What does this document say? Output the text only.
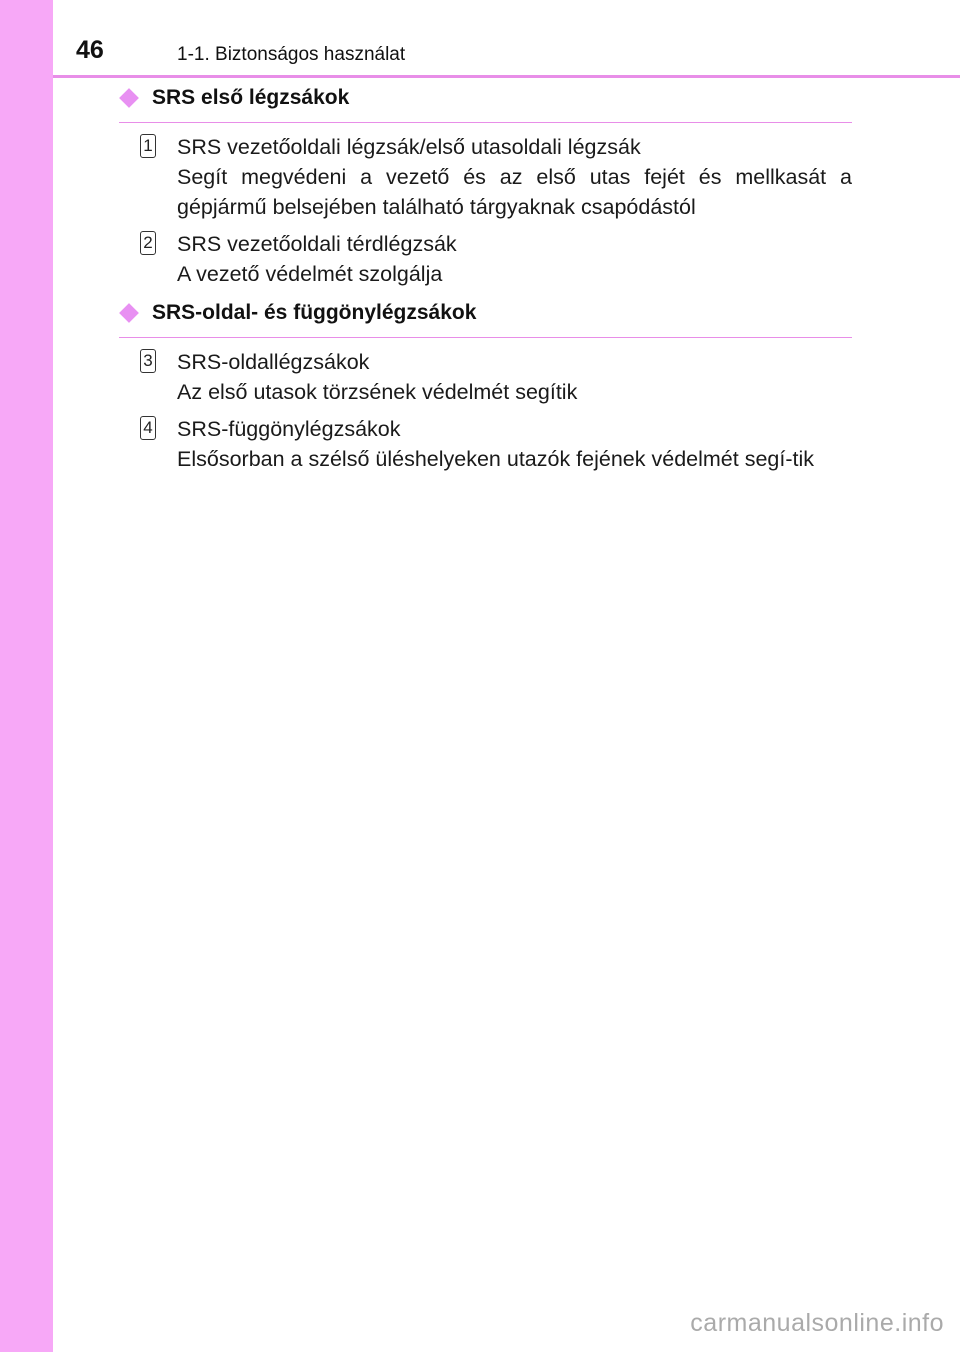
46	1-1. Biztonságos használat
SRS első légzsákok
1 SRS vezetőoldali légzsák/első utasoldali légzsák
Segít megvédeni a vezető és az első utas fejét és mellkasát a gépjármű belsejében található tárgyaknak csapódástól
2 SRS vezetőoldali térdlégzsák
A vezető védelmét szolgálja
SRS-oldal- és függönylégzsákok
3 SRS-oldallégzsákok
Az első utasok törzsének védelmét segítik
4 SRS-függönylégzsákok
Elsősorban a szélső üléshelyeken utazók fejének védelmét segí-tik
carmanualsonline.info
